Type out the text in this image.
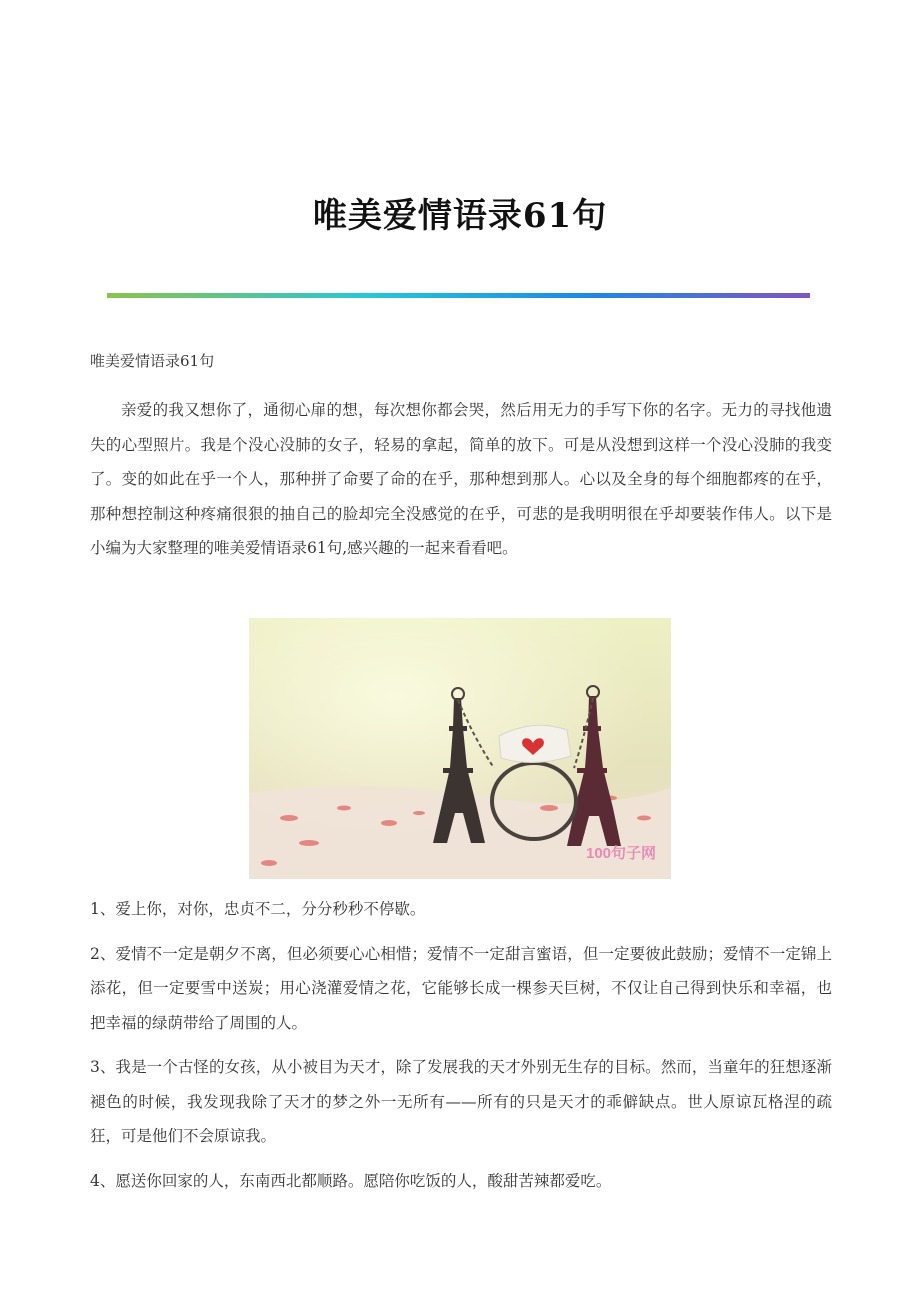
唯美爱情语录61句

唯美爱情语录61句

亲爱的我又想你了，通彻心扉的想，每次想你都会哭，然后用无力的手写下你的名字。无力的寻找他遗失的心型照片。我是个没心没肺的女子，轻易的拿起，简单的放下。可是从没想到这样一个没心没肺的我变了。变的如此在乎一个人，那种拼了命要了命的在乎，那种想到那人。心以及全身的每个细胞都疼的在乎，那种想控制这种疼痛很狠的抽自己的脸却完全没感觉的在乎，可悲的是我明明很在乎却要装作伟人。以下是小编为大家整理的唯美爱情语录61句,感兴趣的一起来看看吧。

100句子网

1、爱上你，对你，忠贞不二，分分秒秒不停歇。

2、爱情不一定是朝夕不离，但必须要心心相惜；爱情不一定甜言蜜语，但一定要彼此鼓励；爱情不一定锦上添花，但一定要雪中送炭；用心浇灌爱情之花，它能够长成一棵参天巨树，不仅让自己得到快乐和幸福，也把幸福的绿荫带给了周围的人。

3、我是一个古怪的女孩，从小被目为天才，除了发展我的天才外别无生存的目标。然而，当童年的狂想逐渐褪色的时候，我发现我除了天才的梦之外一无所有——所有的只是天才的乖僻缺点。世人原谅瓦格涅的疏狂，可是他们不会原谅我。

4、愿送你回家的人，东南西北都顺路。愿陪你吃饭的人，酸甜苦辣都爱吃。
